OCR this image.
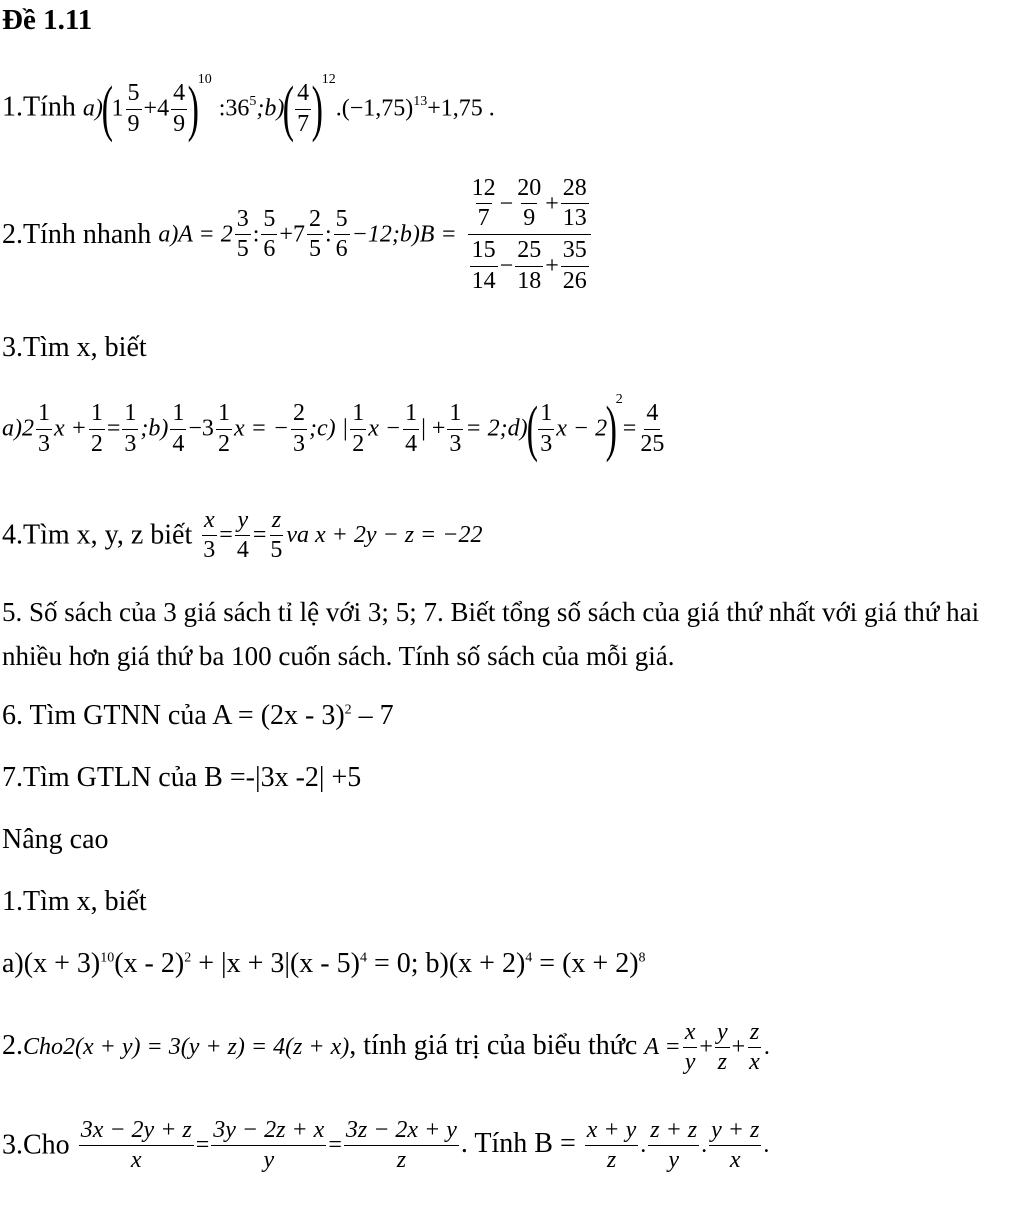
Đề 1.11
1.Tính $a)(1 \frac{5}{9} +4 \frac{4}{9} )^{10}$ $:36^5;b)( \frac{4}{7} )^{12}.(-1,75)^{13}+1,75$ .
2.Tính nhanh $a)A = 2 \frac{3}{5}$ : $\frac{5}{6} +7 \frac{2}{5}$ : $\frac{5}{6}$ −12;b)B = $\frac{\frac{12}{7} - \frac{20}{9} + \frac{28}{13}}{\frac{15}{14} - \frac{25}{18} + \frac{35}{26}}$
3.Tìm x, biết
$a)2 \frac{1}{3}$ $x + \frac{1}{2} = \frac{1}{3}$ ;b) $\frac{1}{4} -3 \frac{1}{2}$ x = − $\frac{2}{3}$ ;c) | $\frac{1}{2}$ $x - \frac{1}{4}$ | + $\frac{1}{3}$ = 2;d)( $\frac{1}{3}$ $x - 2)^2= \frac{4}{25}$
4.Tìm x, y, z biết $\frac{x}{3} = \frac{y}{4} = \frac{z}{5}$ va x + 2y − z = −22
5. Số sách của 3 giá sách tỉ lệ với 3; 5; 7. Biết tổng số sách của giá thứ nhất với giá thứ hai nhiều hơn giá thứ ba 100 cuốn sách. Tính số sách của mỗi giá.
6. Tìm GTNN của A = (2x - 3)$^2$ – 7
7.Tìm GTLN của B =-|3x -2| +5
Nâng cao
1.Tìm x, biết
$a)(x + 3)^{10}(x - 2)^2 + |x + 3|(x - 5)^4 = 0$; $b)(x + 2)^4 = (x + 2)^8$
2.Cho2(x + y) = 3(y + z) = 4(z + x), tính giá trị của biểu thức $A = \frac{x}{y} + \frac{y}{z} + \frac{z}{x}$ .
$3.Cho \frac{3x - 2y + z}{x} = \frac{3y - 2z + x}{y} = \frac{3z - 2x + y}{z}$ . Tính $B = \frac{x + y}{z}$ . $\frac{z + z}{y}$ . $\frac{y + z}{x}$ .
